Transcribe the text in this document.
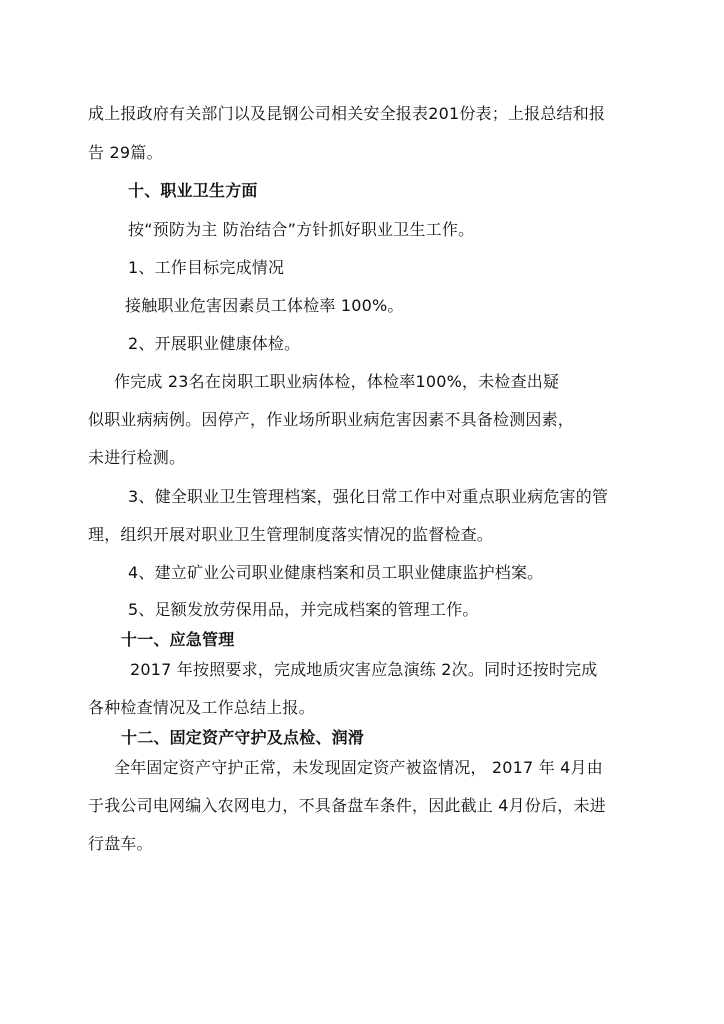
成上报政府有关部门以及昆钢公司相关安全报表201份表；上报总结和报
告 29篇。
十、职业卫生方面
按“预防为主 防治结合”方针抓好职业卫生工作。
1、工作目标完成情况
接触职业危害因素员工体检率 100%。
2、开展职业健康体检。
作完成 23名在岗职工职业病体检，体检率100%，未检查出疑
似职业病病例。因停产，作业场所职业病危害因素不具备检测因素，
未进行检测。
3、健全职业卫生管理档案，强化日常工作中对重点职业病危害的管
理，组织开展对职业卫生管理制度落实情况的监督检查。
4、建立矿业公司职业健康档案和员工职业健康监护档案。
5、足额发放劳保用品，并完成档案的管理工作。
十一、应急管理
2017 年按照要求，完成地质灾害应急演练 2次。同时还按时完成
各种检查情况及工作总结上报。
十二、固定资产守护及点检、润滑
全年固定资产守护正常，未发现固定资产被盗情况， 2017 年 4月由
于我公司电网编入农网电力，不具备盘车条件，因此截止 4月份后，未进
行盘车。
